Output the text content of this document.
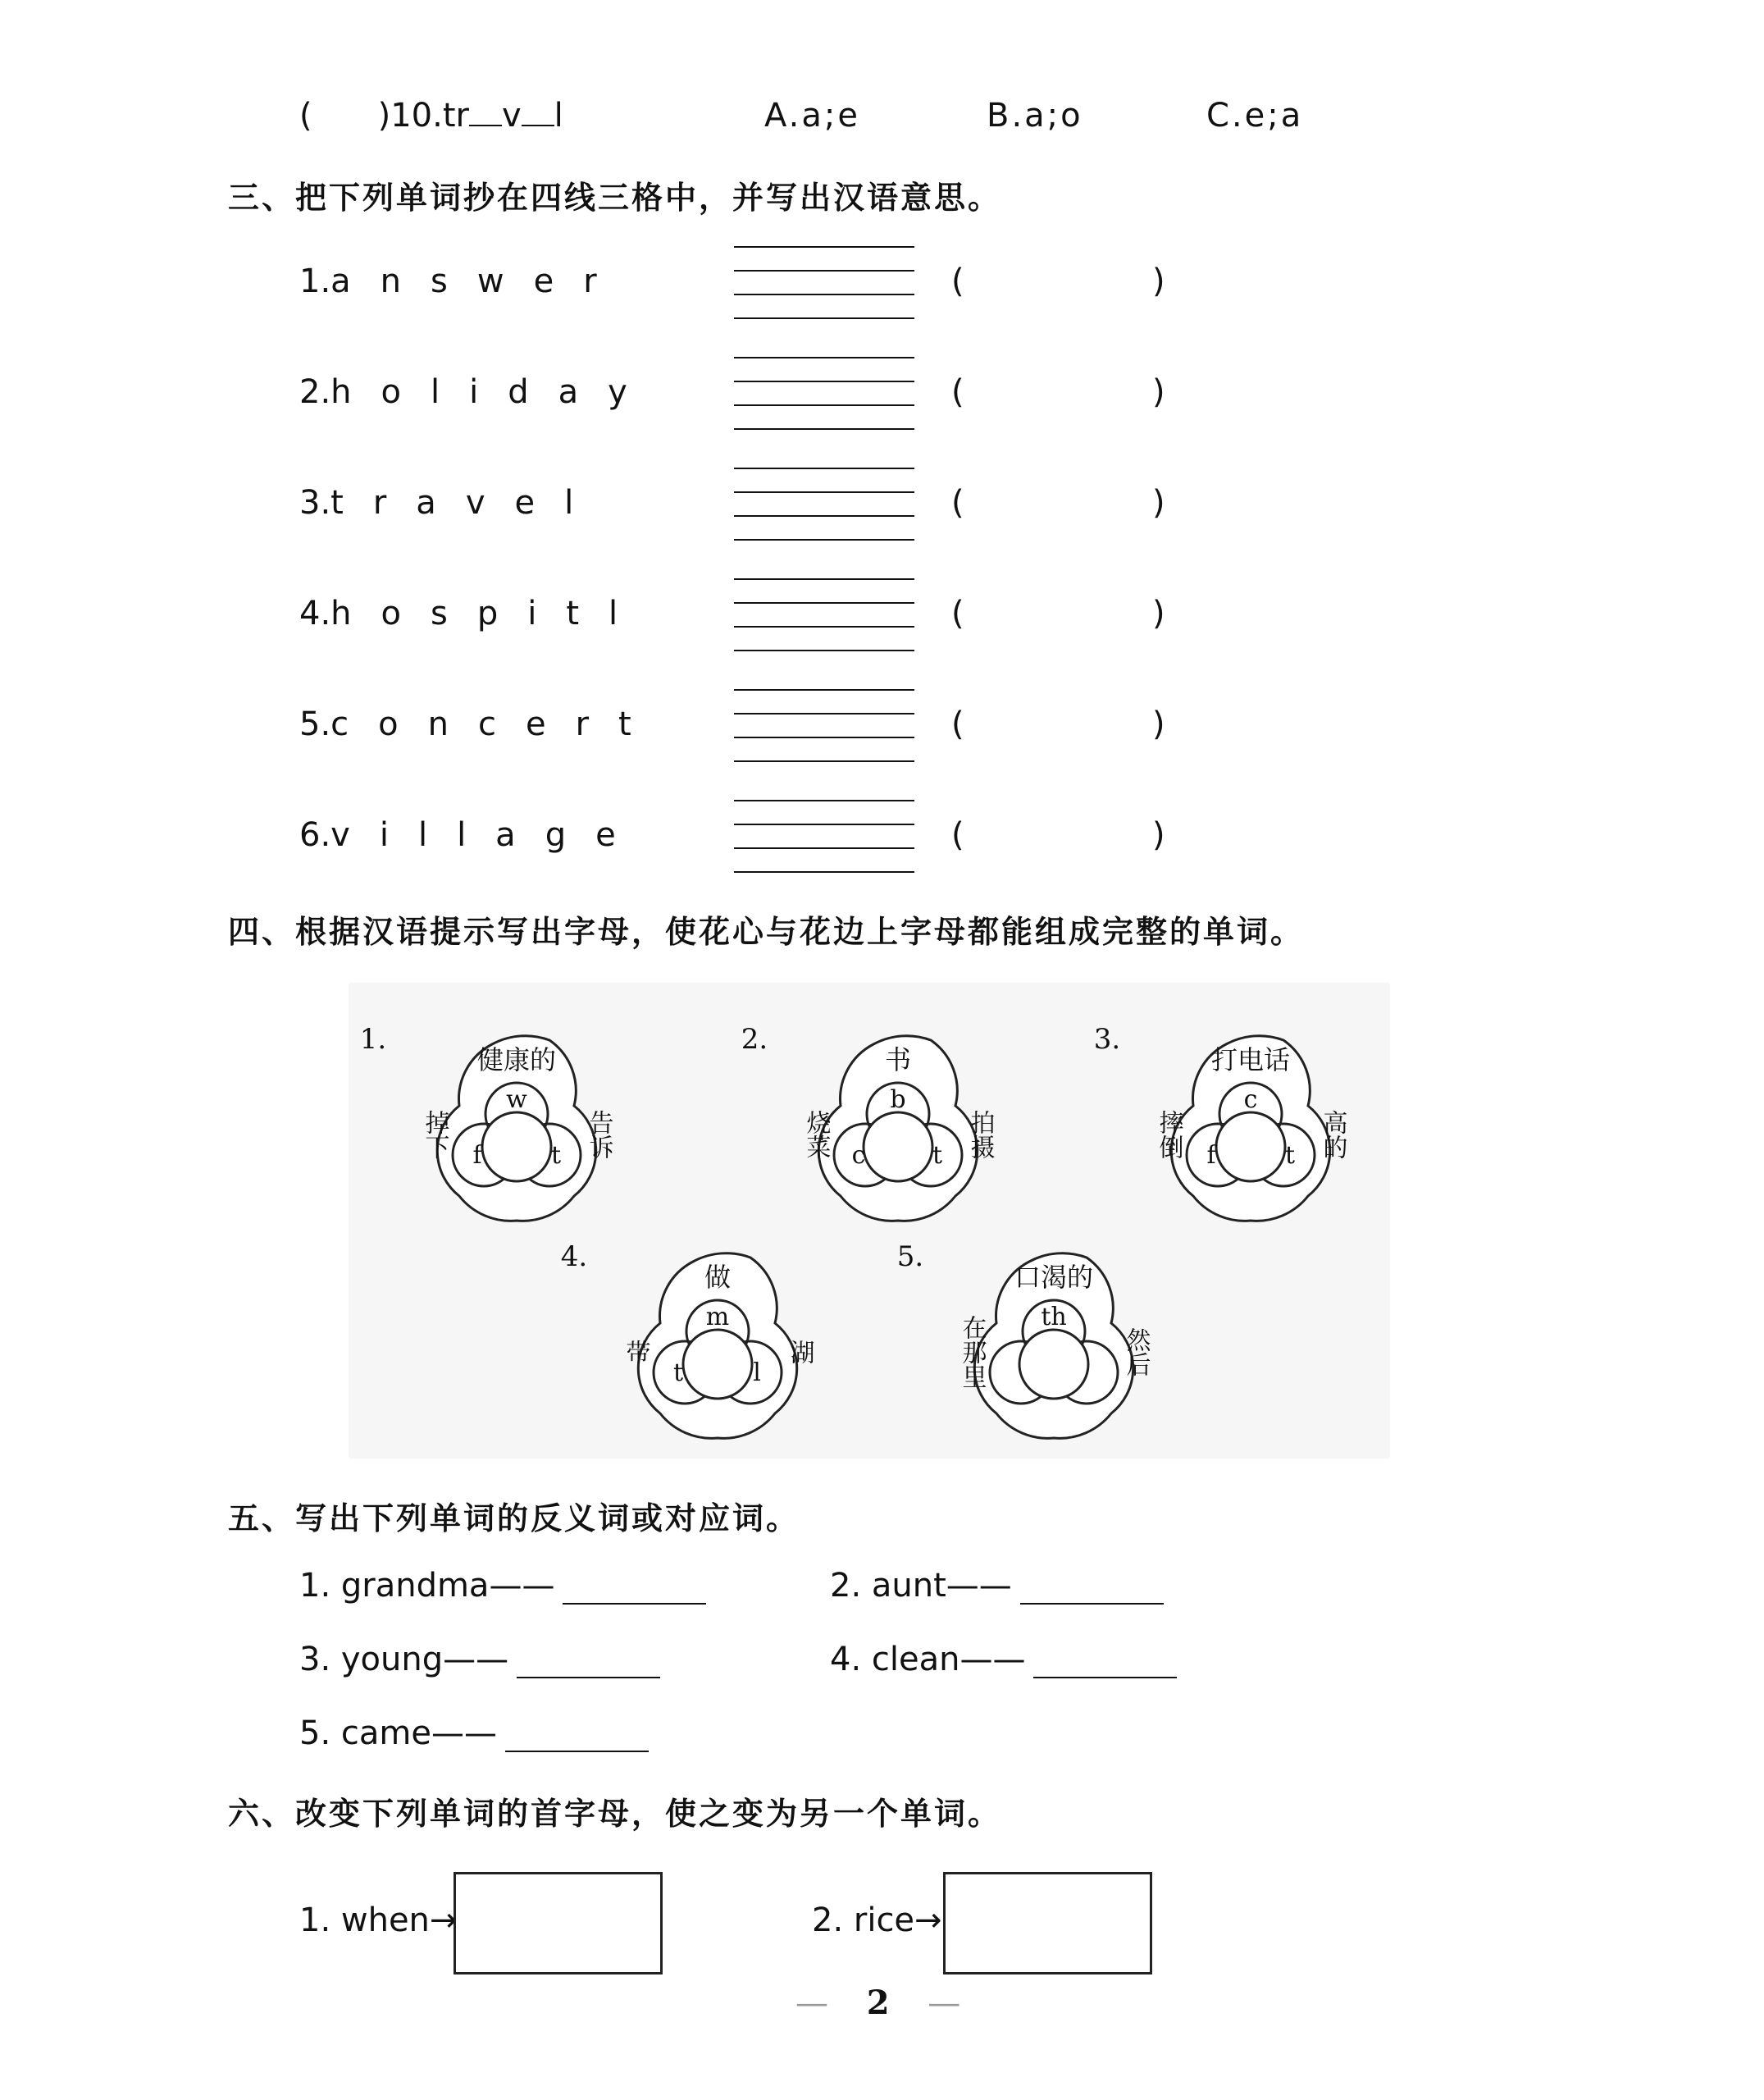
( )10.tr v l	A.a;e	B.a;o	C.e;a
三、把下列单词抄在四线三格中，并写出汉语意思。
1.answer	(	)
2.holiday	(	)
3.travel	(	)
4.hospitl	(	)
5.concert	(	)
6.village	(	)
四、根据汉语提示写出字母，使花心与花边上字母都能组成完整的单词。
1.
健康的
w
f	t
掉下	告诉
2.
书
b
c	t
烧菜	拍摄
3.
打电话
c
f	t
摔倒	高的
4.
做
m
t	l
带	湖
5.
口渴的
th
在那里	然后
五、写出下列单词的反义词或对应词。
1. grandma——	2. aunt——
3. young——	4. clean——
5. came——
六、改变下列单词的首字母，使之变为另一个单词。
1. when→	2. rice→
— 2 —
